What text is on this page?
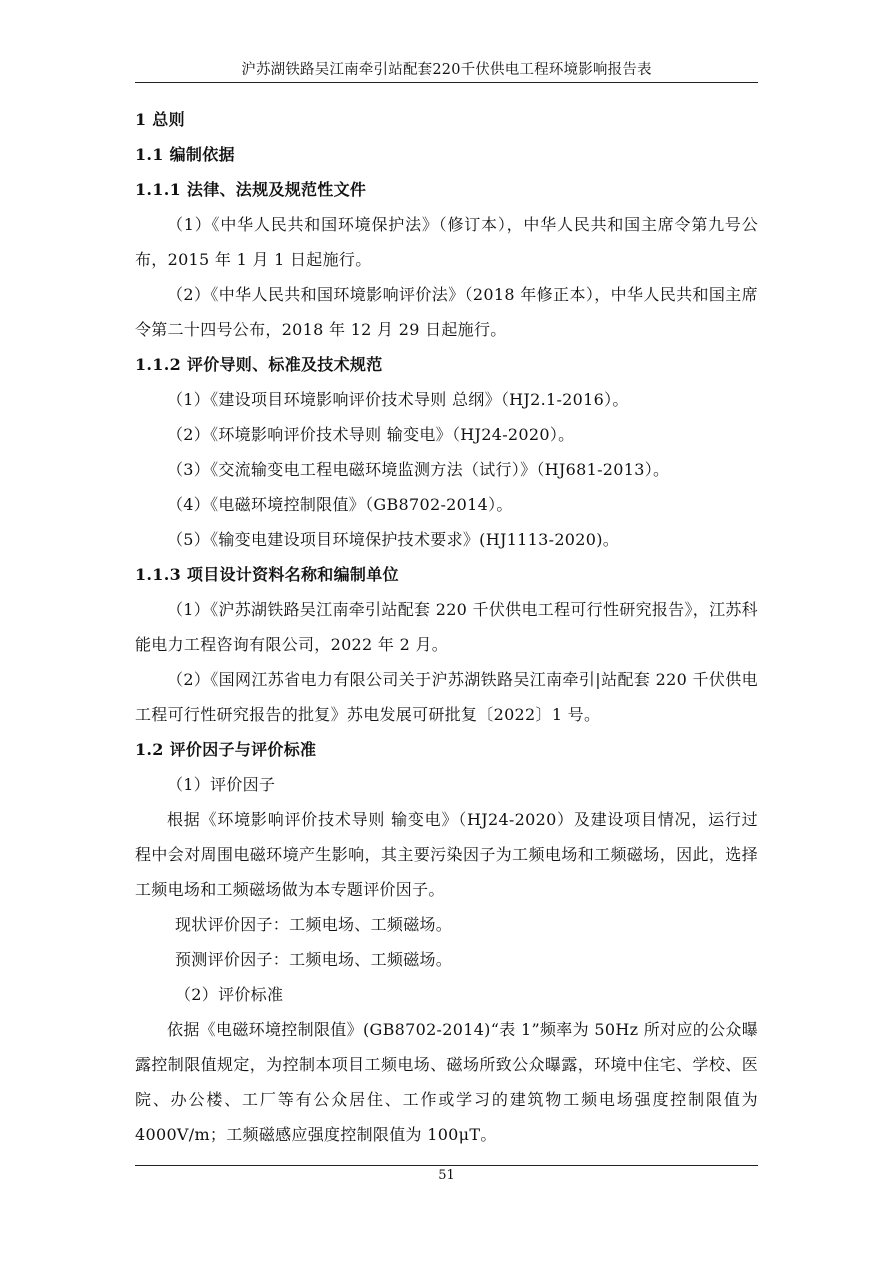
沪苏湖铁路吴江南牵引站配套220千伏供电工程环境影响报告表
1 总则
1.1 编制依据
1.1.1 法律、法规及规范性文件
（1）《中华人民共和国环境保护法》（修订本），中华人民共和国主席令第九号公布，2015 年 1 月 1 日起施行。
（2）《中华人民共和国环境影响评价法》（2018 年修正本），中华人民共和国主席令第二十四号公布，2018 年 12 月 29 日起施行。
1.1.2 评价导则、标准及技术规范
（1）《建设项目环境影响评价技术导则 总纲》（HJ2.1-2016）。
（2）《环境影响评价技术导则 输变电》（HJ24-2020）。
（3）《交流输变电工程电磁环境监测方法（试行）》（HJ681-2013）。
（4）《电磁环境控制限值》（GB8702-2014）。
（5）《输变电建设项目环境保护技术要求》(HJ1113-2020)。
1.1.3 项目设计资料名称和编制单位
（1）《沪苏湖铁路吴江南牵引站配套 220 千伏供电工程可行性研究报告》，江苏科能电力工程咨询有限公司，2022 年 2 月。
（2）《国网江苏省电力有限公司关于沪苏湖铁路吴江南牵引|站配套 220 千伏供电工程可行性研究报告的批复》苏电发展可研批复〔2022〕1 号。
1.2 评价因子与评价标准
（1）评价因子
根据《环境影响评价技术导则 输变电》（HJ24-2020）及建设项目情况，运行过程中会对周围电磁环境产生影响，其主要污染因子为工频电场和工频磁场，因此，选择工频电场和工频磁场做为本专题评价因子。
现状评价因子：工频电场、工频磁场。
预测评价因子：工频电场、工频磁场。
（2）评价标准
依据《电磁环境控制限值》(GB8702-2014)“表 1”频率为 50Hz 所对应的公众曝露控制限值规定，为控制本项目工频电场、磁场所致公众曝露，环境中住宅、学校、医院、办公楼、工厂等有公众居住、工作或学习的建筑物工频电场强度控制限值为 4000V/m；工频磁感应强度控制限值为 100μT。
51
